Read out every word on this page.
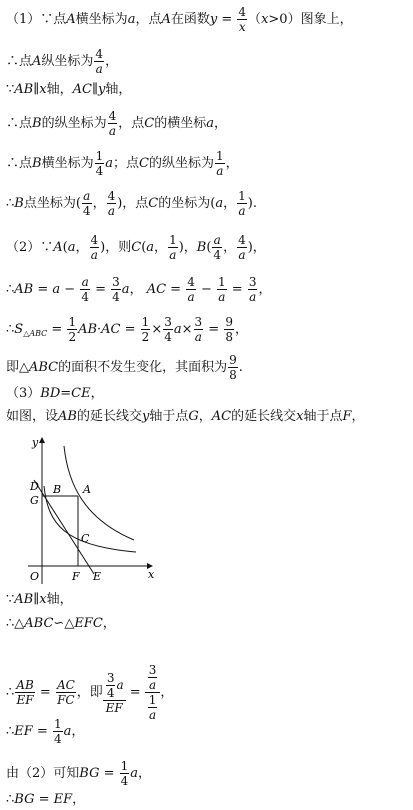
（1）∵点A横坐标为a，点A在函数$y = \frac{4}{x} (x>0)$图象上，
∴点A纵坐标为 $\frac{4}{a}$ ，
∵AB∥x轴，AC∥y轴，
∴点B的纵坐标为 $\frac{4}{a}$ ，点C的横坐标a，
∴点B横坐标为 $\frac{1}{4}$ a；点C的纵坐标为 $\frac{1}{a}$ ，
∴B点坐标为( $\frac{a}{4}$ ， $\frac{4}{a}$ )，点C的坐标为(a， $\frac{1}{a}$ ).
（2）∵A(a， $\frac{4}{a}$ )，则C(a， $\frac{1}{a}$ )，$B( \frac{a}{4}$ ， $\frac{4}{a}$ )，
∴AB = $a - \frac{a}{4} = \frac{3}{4}$ a， AC = $\frac{4}{a} - \frac{1}{a} = \frac{3}{a}$ ，
$\therefore S_{\triangle ABC} = \frac{1}{2} AB\cdot AC = \frac{1}{2} \times \frac{3}{4} a\times \frac{3}{a} = \frac{9}{8}$ ，
即△ABC的面积不发生变化，其面积为 $\frac{9}{8}$ .
（3）BD=CE，
如图，设AB的延长线交y轴于点G，AC的延长线交x轴于点F，
y
x
O
D
G
B A
C
F E
∵AB∥x轴，
∴△ABC∽△EFC，
∴ $\frac{AB}{EF} = \frac{AC}{FC}$ ，即 $\frac{\frac{3}{4} a}{EF} = \frac{\frac{3}{a}}{\frac{1}{a}}$ ，
∴EF = $\frac{1}{4}$ a，
由（2）可知BG = $\frac{1}{4}$ a，
∴BG = EF，
